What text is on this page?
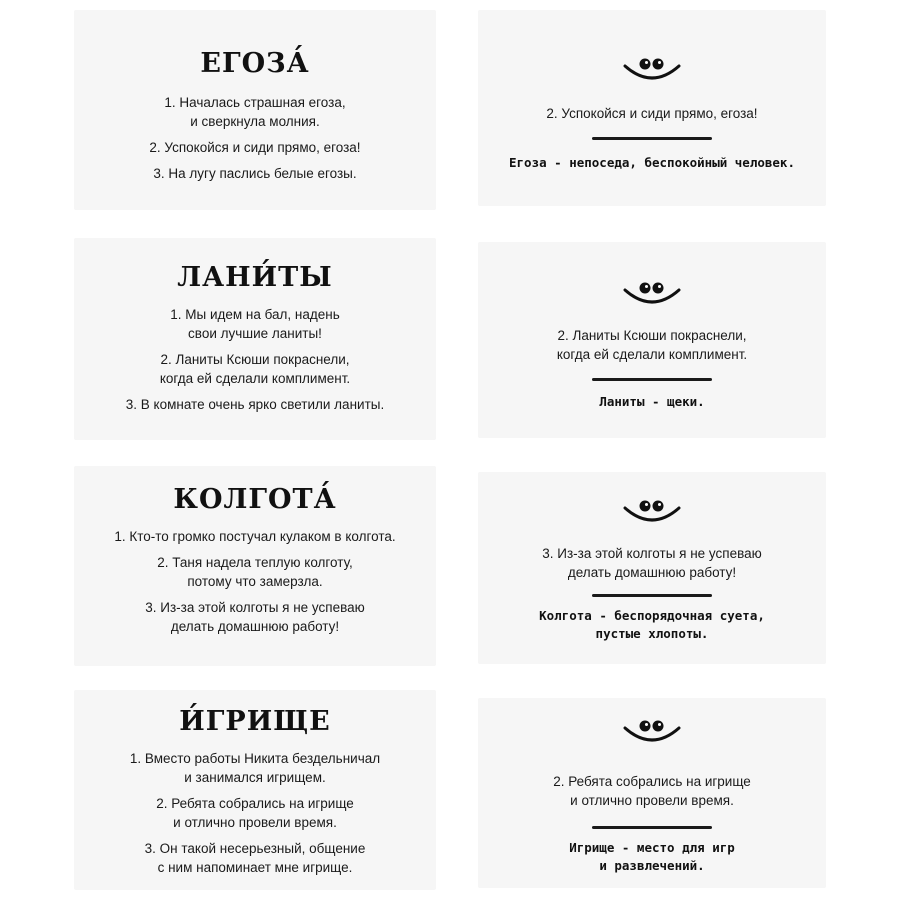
ЕГОЗА́

1. Началась страшная егоза,

и сверкнула молния.

2. Успокойся и сиди прямо, егоза!

3. На лугу паслись белые егозы.

2. Успокойся и сиди прямо, егоза!

Егоза - непоседа, беспокойный человек.

ЛАНИ́ТЫ

1. Мы идем на бал, надень

свои лучшие ланиты!

2. Ланиты Ксюши покраснели,

когда ей сделали комплимент.

3. В комнате очень ярко светили ланиты.

2. Ланиты Ксюши покраснели,

когда ей сделали комплимент.

Ланиты - щеки.

КОЛГОТА́

1. Кто-то громко постучал кулаком в колгота.

2. Таня надела теплую колготу,

потому что замерзла.

3. Из-за этой колготы я не успеваю

делать домашнюю работу!

3. Из-за этой колготы я не успеваю

делать домашнюю работу!

Колгота - беспорядочная суета,

пустые хлопоты.

И́ГРИЩЕ

1. Вместо работы Никита бездельничал

и занимался игрищем.

2. Ребята собрались на игрище

и отлично провели время.

3. Он такой несерьезный, общение

с ним напоминает мне игрище.

2. Ребята собрались на игрище

и отлично провели время.

Игрище - место для игр

и развлечений.
